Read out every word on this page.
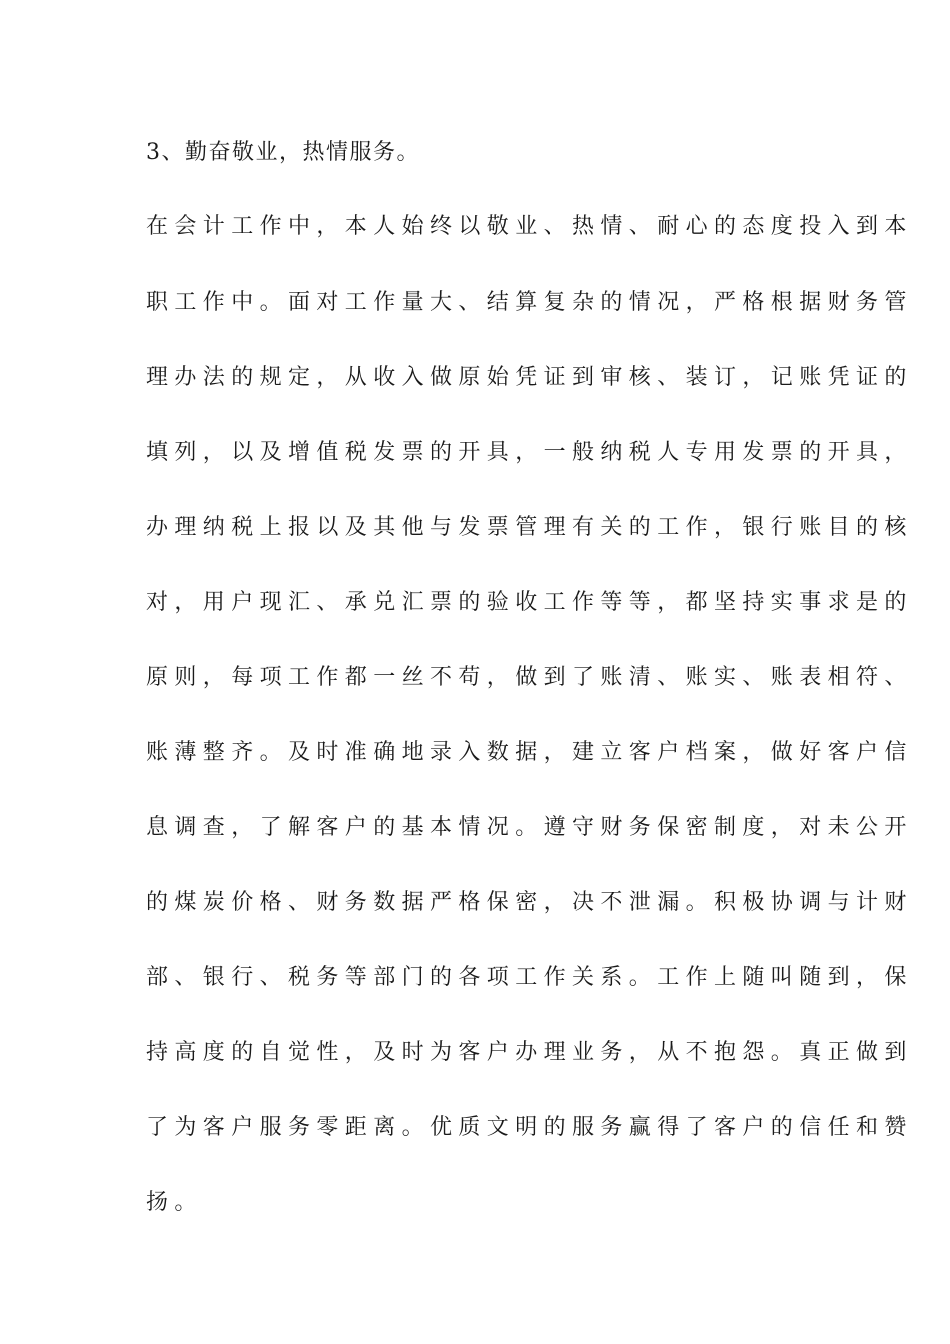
3、勤奋敬业，热情服务。
在会计工作中，本人始终以敬业、热情、耐心的态度投入到本
职工作中。面对工作量大、结算复杂的情况，严格根据财务管
理办法的规定，从收入做原始凭证到审核、装订，记账凭证的
填列，以及增值税发票的开具，一般纳税人专用发票的开具，
办理纳税上报以及其他与发票管理有关的工作，银行账目的核
对，用户现汇、承兑汇票的验收工作等等，都坚持实事求是的
原则，每项工作都一丝不苟，做到了账清、账实、账表相符、
账薄整齐。及时准确地录入数据，建立客户档案，做好客户信
息调查，了解客户的基本情况。遵守财务保密制度，对未公开
的煤炭价格、财务数据严格保密，决不泄漏。积极协调与计财
部、银行、税务等部门的各项工作关系。工作上随叫随到，保
持高度的自觉性，及时为客户办理业务，从不抱怨。真正做到
了为客户服务零距离。优质文明的服务赢得了客户的信任和赞
扬。
